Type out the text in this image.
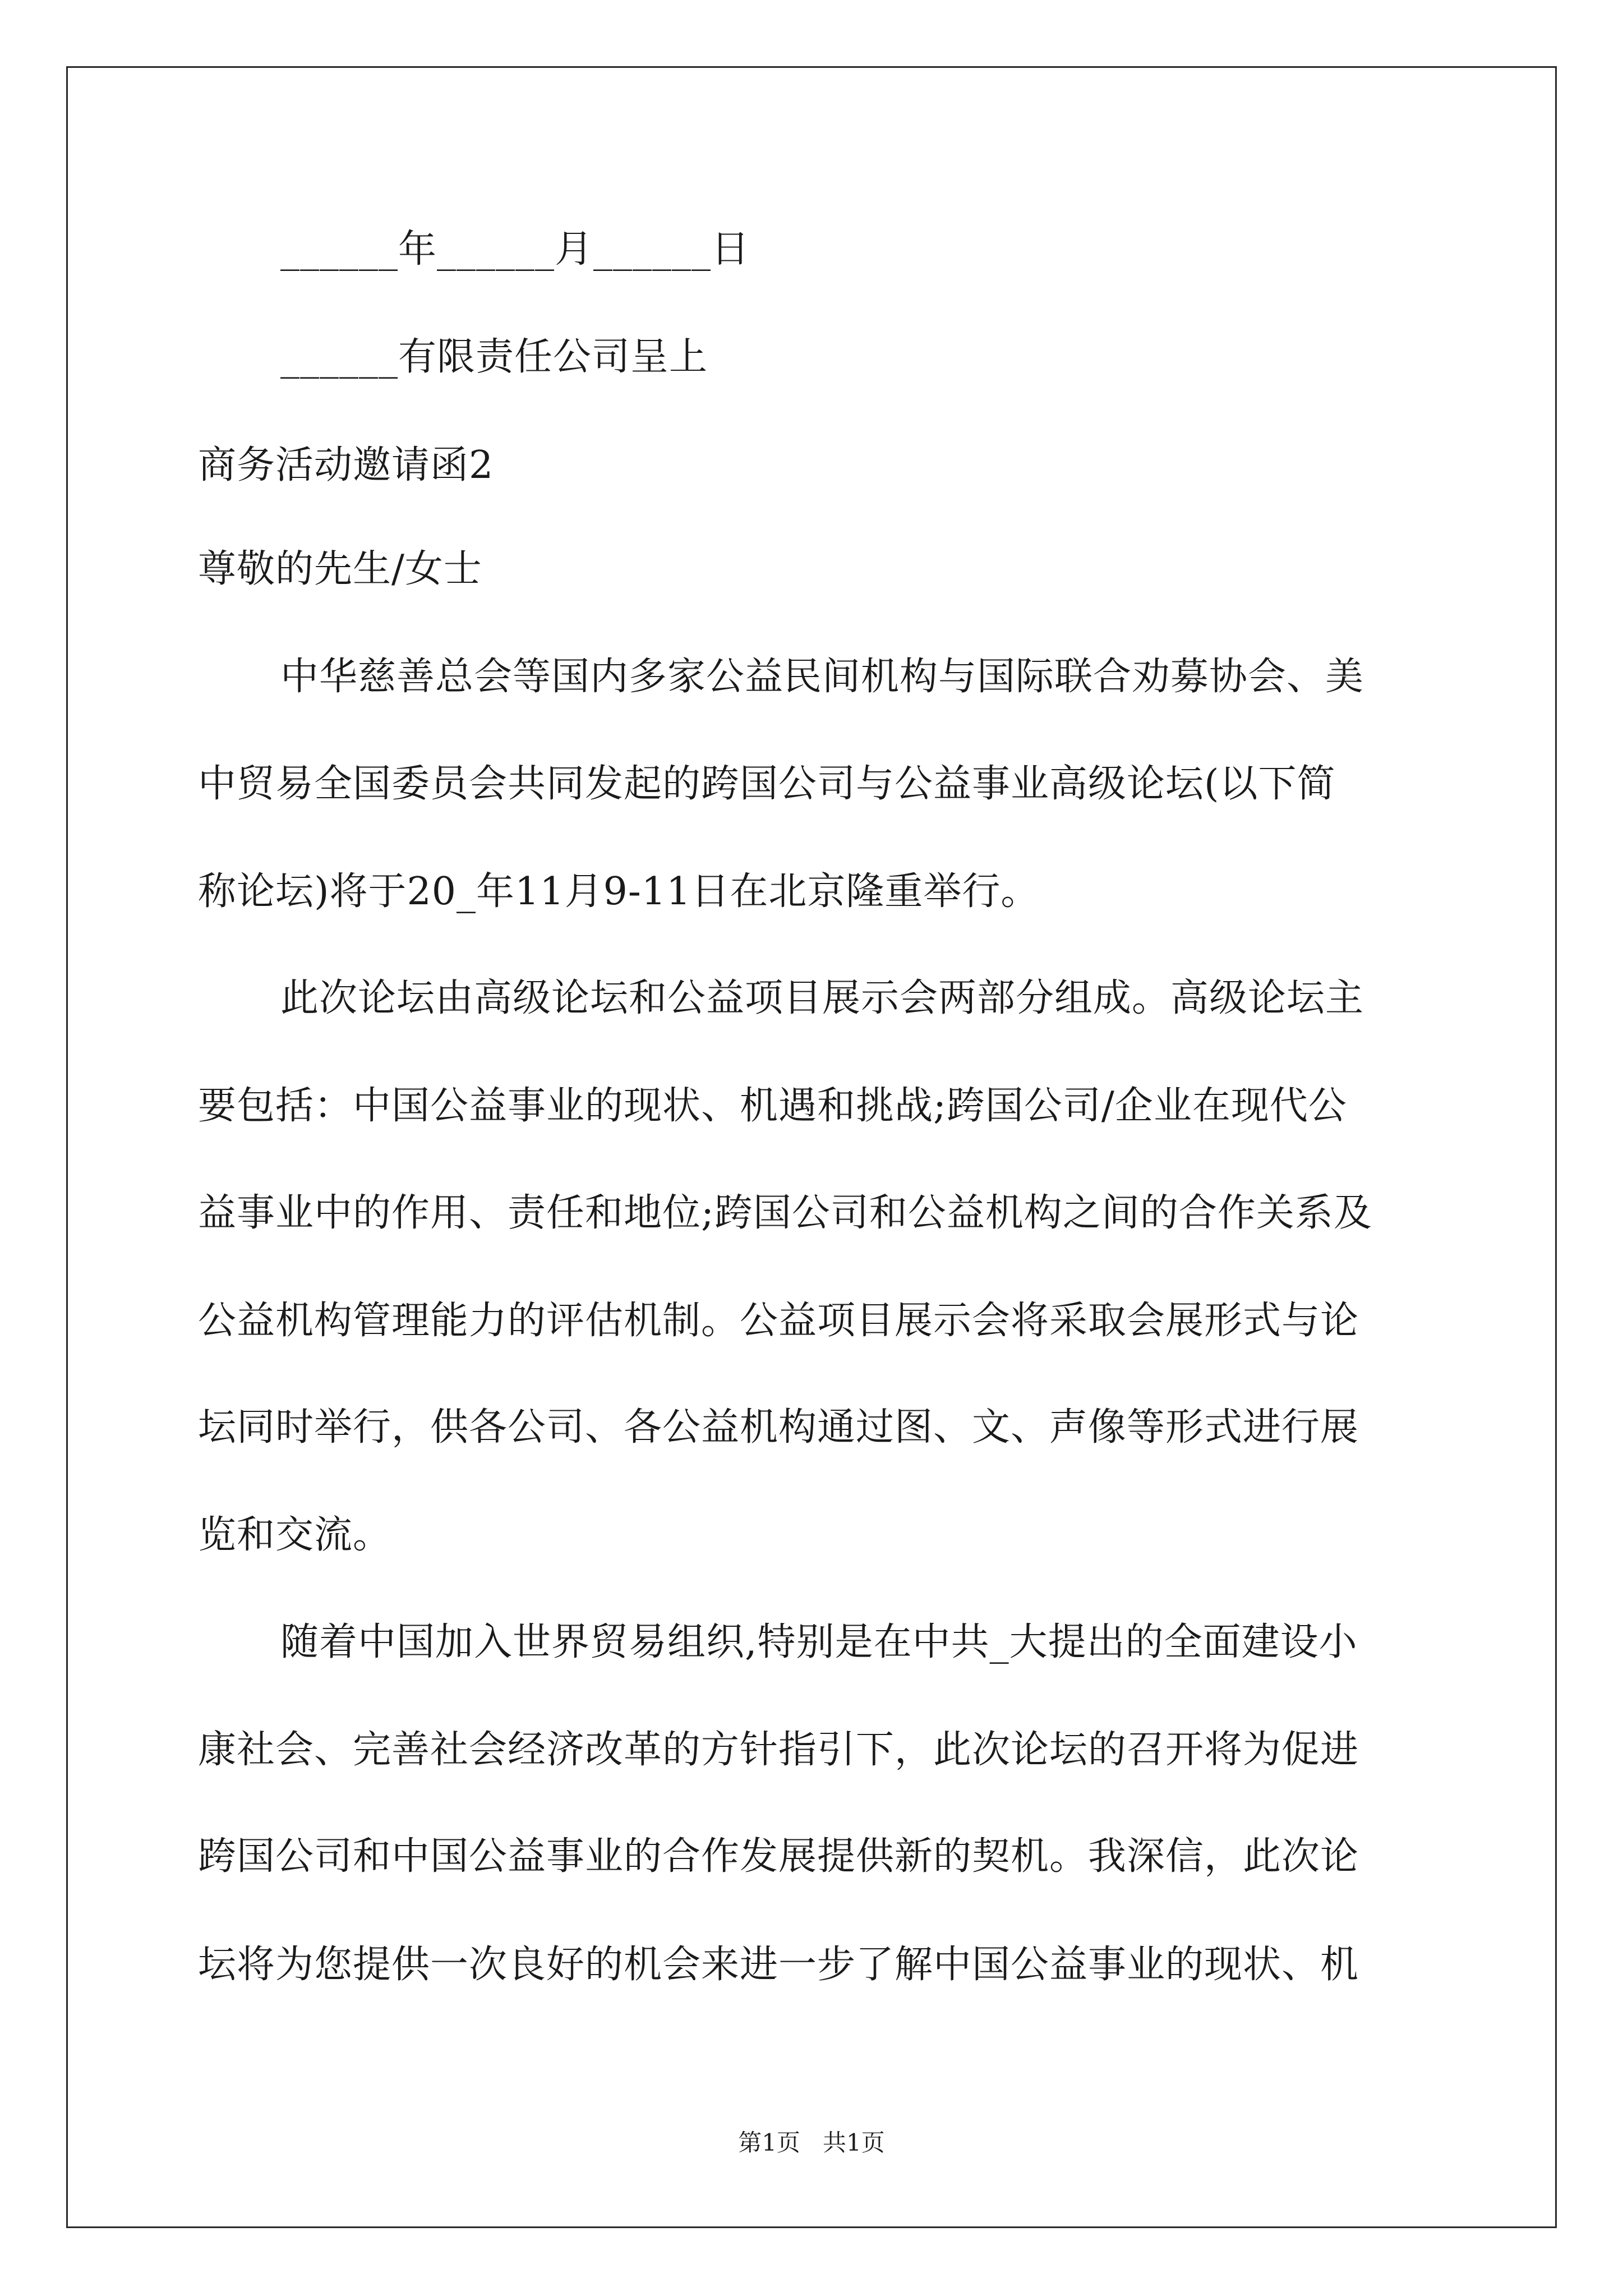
______年______月______日
______有限责任公司呈上
商务活动邀请函2
尊敬的先生/女士
中华慈善总会等国内多家公益民间机构与国际联合劝募协会、美
中贸易全国委员会共同发起的跨国公司与公益事业高级论坛(以下简
称论坛)将于20_年11月9-11日在北京隆重举行。
此次论坛由高级论坛和公益项目展示会两部分组成。高级论坛主
要包括：中国公益事业的现状、机遇和挑战;跨国公司/企业在现代公
益事业中的作用、责任和地位;跨国公司和公益机构之间的合作关系及
公益机构管理能力的评估机制。公益项目展示会将采取会展形式与论
坛同时举行，供各公司、各公益机构通过图、文、声像等形式进行展
览和交流。
随着中国加入世界贸易组织,特别是在中共_大提出的全面建设小
康社会、完善社会经济改革的方针指引下，此次论坛的召开将为促进
跨国公司和中国公益事业的合作发展提供新的契机。我深信，此次论
坛将为您提供一次良好的机会来进一步了解中国公益事业的现状、机
第1页   共1页
